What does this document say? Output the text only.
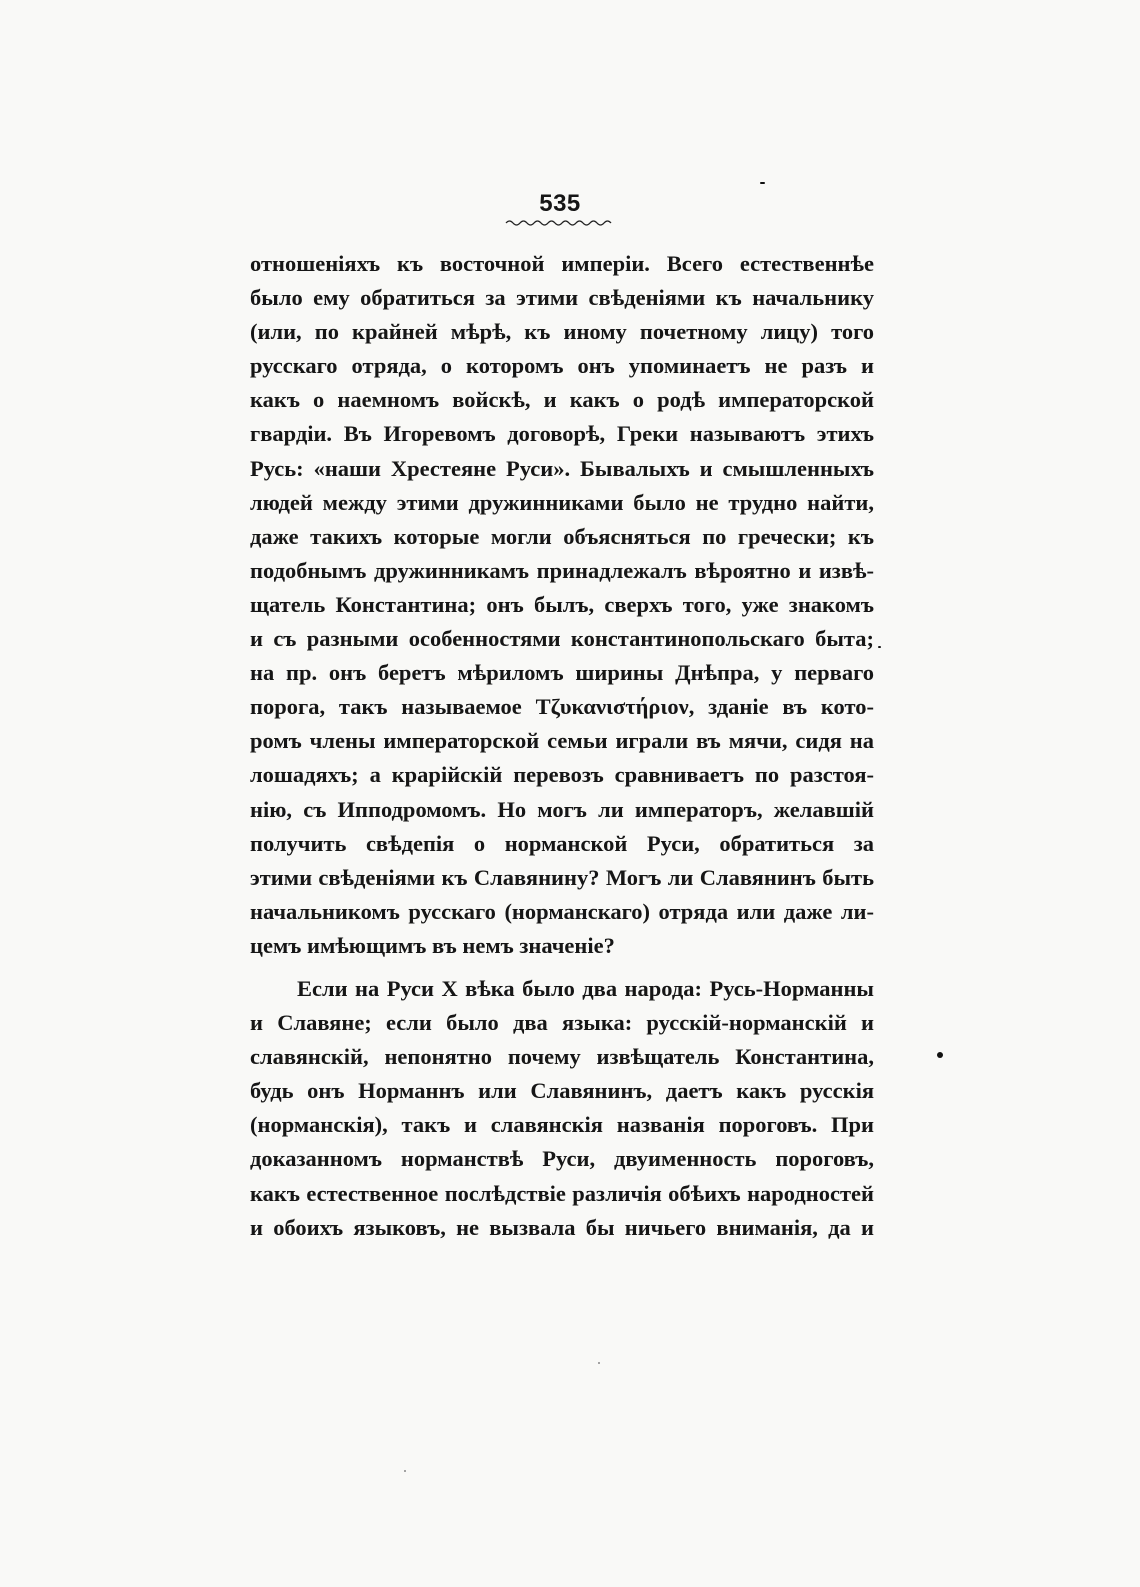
535
отношеніяхъ къ восточной имперіи. Всего естественнѣе
было ему обратиться за этими свѣденіями къ начальнику
(или, по крайней мѣрѣ, къ иному почетному лицу) того
русскаго отряда, о которомъ онъ упоминаетъ не разъ и
какъ о наемномъ войскѣ, и какъ о родѣ императорской
гвардіи. Въ Игоревомъ договорѣ, Греки называютъ этихъ
Русь: «наши Хрестеяне Руси». Бывалыхъ и смышленныхъ
людей между этими дружинниками было не трудно найти,
даже такихъ которые могли объясняться по гречески; къ
подобнымъ дружинникамъ принадлежалъ вѣроятно и извѣ-
щатель Константина; онъ былъ, сверхъ того, уже знакомъ
и съ разными особенностями константинопольскаго быта;
на пр. онъ беретъ мѣриломъ ширины Днѣпра, у перваго
порога, такъ называемое Τζυκανιστήριον, зданіе въ кото-
ромъ члены императорской семьи играли въ мячи, сидя на
лошадяхъ; а крарійскій перевозъ сравниваетъ по разстоя-
нію, съ Ипподромомъ. Но могъ ли императоръ, желавшій
получить свѣдепія о норманской Руси, обратиться за
этими свѣденіями къ Славянину? Могъ ли Славянинъ быть
начальникомъ русскаго (норманскаго) отряда или даже ли-
цемъ имѣющимъ въ немъ значеніе?
Если на Руси X вѣка было два народа: Русь-Норманны
и Славяне; если было два языка: русскій-норманскій и
славянскій, непонятно почему извѣщатель Константина,
будь онъ Норманнъ или Славянинъ, даетъ какъ русскія
(норманскія), такъ и славянскія названія пороговъ. При
доказанномъ норманствѣ Руси, двуименность пороговъ,
какъ естественное послѣдствіе различія обѣихъ народностей
и обоихъ языковъ, не вызвала бы ничьего вниманія, да и
